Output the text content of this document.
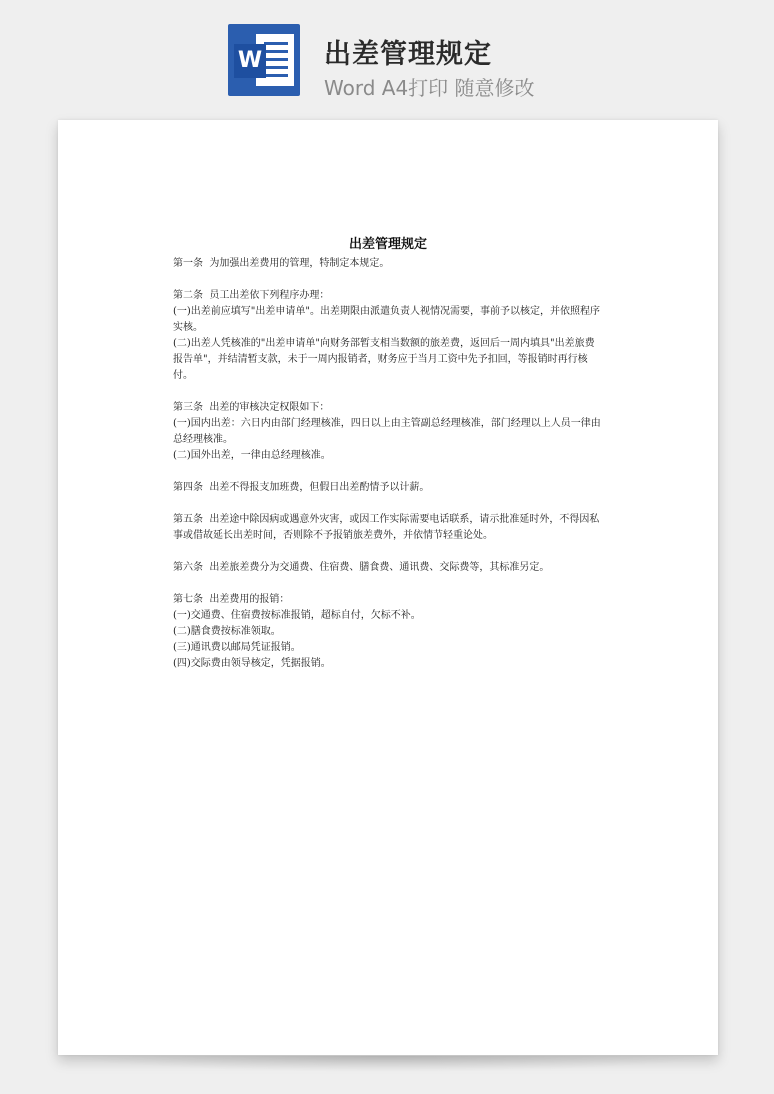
W 出差管理规定
Word A4打印 随意修改

出差管理规定

第一条  为加强出差费用的管理，特制定本规定。

第二条  员工出差依下列程序办理：

(一)出差前应填写"出差申请单"。出差期限由派遣负责人视情况需要，事前予以核定，并依照程序实核。

(二)出差人凭核准的"出差申请单"向财务部暂支相当数额的旅差费，返回后一周内填具"出差旅费报告单"，并结清暂支款，未于一周内报销者，财务应于当月工资中先予扣回，等报销时再行核付。

第三条  出差的审核决定权限如下：

(一)国内出差：六日内由部门经理核准，四日以上由主管副总经理核准，部门经理以上人员一律由总经理核准。

(二)国外出差，一律由总经理核准。

第四条  出差不得报支加班费，但假日出差酌情予以计薪。

第五条  出差途中除因病或遇意外灾害，或因工作实际需要电话联系，请示批准延时外，不得因私事或借故延长出差时间，否则除不予报销旅差费外，并依情节轻重论处。

第六条  出差旅差费分为交通费、住宿费、膳食费、通讯费、交际费等，其标准另定。

第七条  出差费用的报销：

(一)交通费、住宿费按标准报销，超标自付，欠标不补。

(二)膳食费按标准领取。

(三)通讯费以邮局凭证报销。

(四)交际费由领导核定，凭据报销。
